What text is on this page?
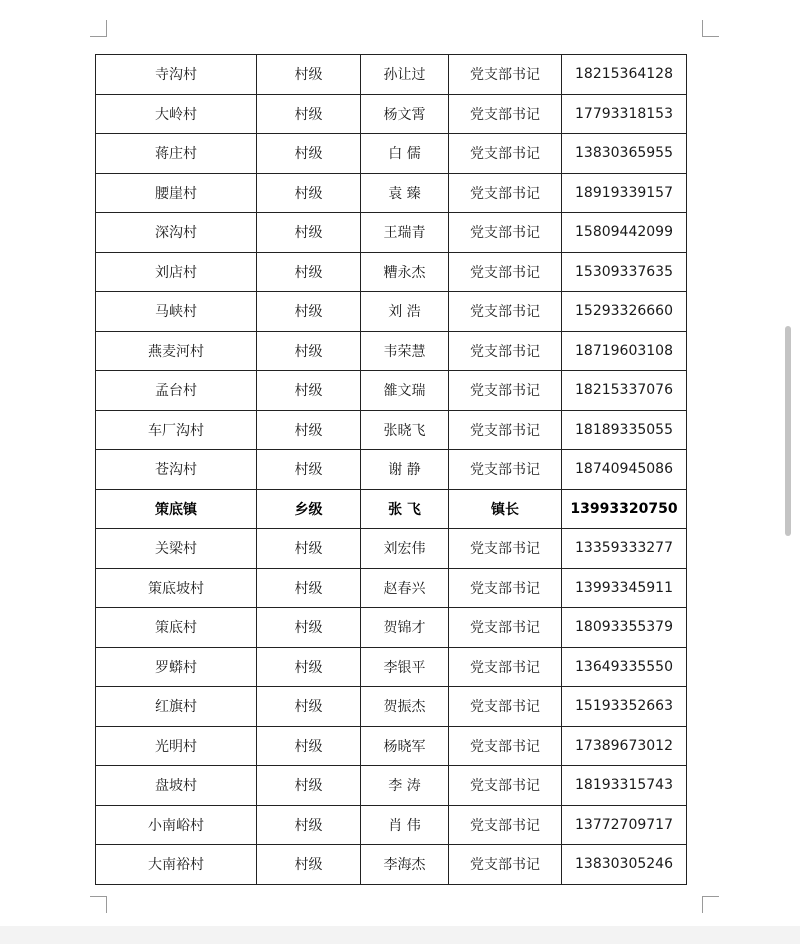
寺沟村	村级	孙让过	党支部书记	18215364128
大岭村	村级	杨文霄	党支部书记	17793318153
蒋庄村	村级	白 儒	党支部书记	13830365955
腰崖村	村级	袁 臻	党支部书记	18919339157
深沟村	村级	王瑞青	党支部书记	15809442099
刘店村	村级	糟永杰	党支部书记	15309337635
马峡村	村级	刘 浩	党支部书记	15293326660
燕麦河村	村级	韦荣慧	党支部书记	18719603108
孟台村	村级	雒文瑞	党支部书记	18215337076
车厂沟村	村级	张晓飞	党支部书记	18189335055
苍沟村	村级	谢 静	党支部书记	18740945086
策底镇	乡级	张 飞	镇长	13993320750
关梁村	村级	刘宏伟	党支部书记	13359333277
策底坡村	村级	赵春兴	党支部书记	13993345911
策底村	村级	贺锦才	党支部书记	18093355379
罗蟒村	村级	李银平	党支部书记	13649335550
红旗村	村级	贺振杰	党支部书记	15193352663
光明村	村级	杨晓军	党支部书记	17389673012
盘坡村	村级	李 涛	党支部书记	18193315743
小南峪村	村级	肖 伟	党支部书记	13772709717
大南裕村	村级	李海杰	党支部书记	13830305246
